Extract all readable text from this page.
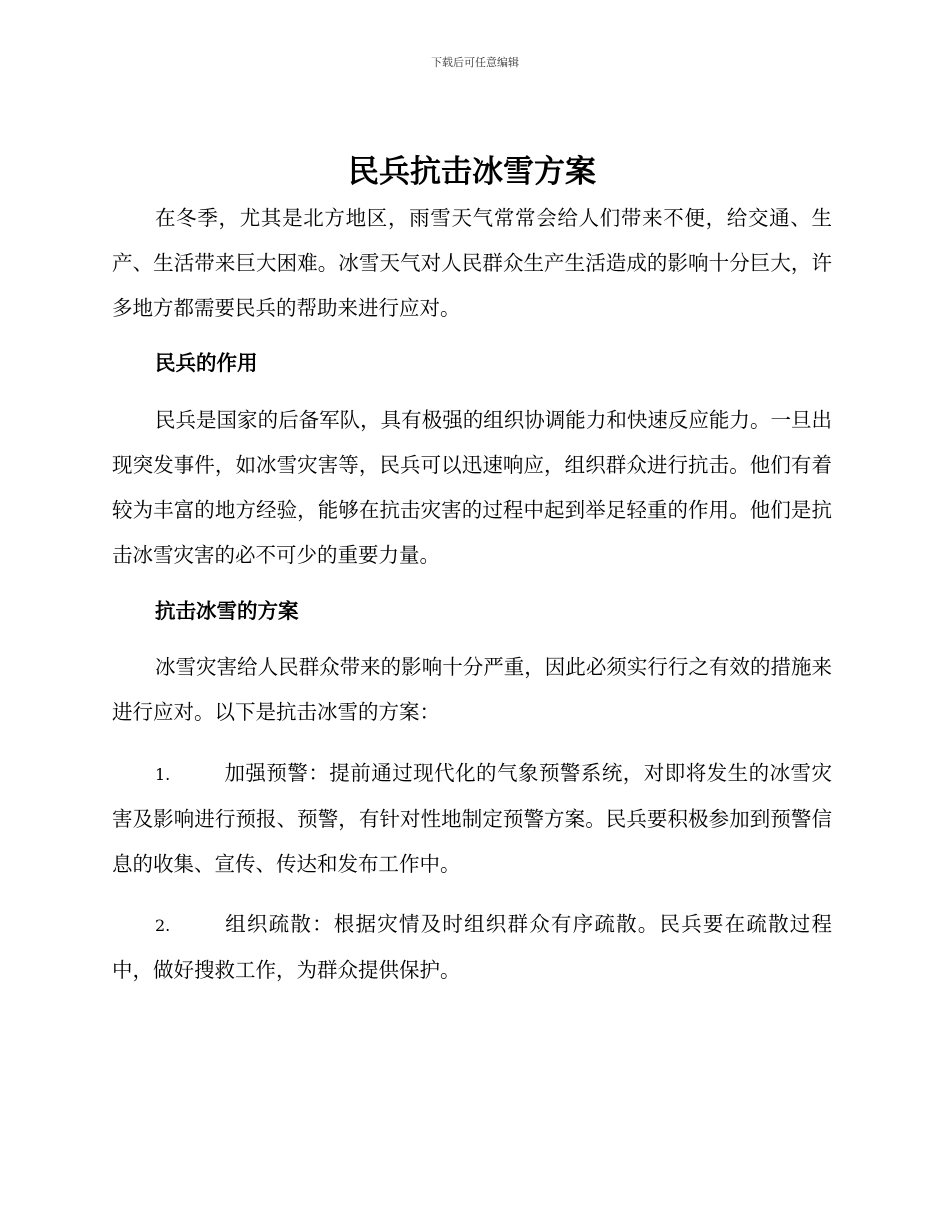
下载后可任意编辑
民兵抗击冰雪方案

在冬季，尤其是北方地区，雨雪天气常常会给人们带来不便，给交通、生产、生活带来巨大困难。冰雪天气对人民群众生产生活造成的影响十分巨大，许多地方都需要民兵的帮助来进行应对。

民兵的作用

民兵是国家的后备军队，具有极强的组织协调能力和快速反应能力。一旦出现突发事件，如冰雪灾害等，民兵可以迅速响应，组织群众进行抗击。他们有着较为丰富的地方经验，能够在抗击灾害的过程中起到举足轻重的作用。他们是抗击冰雪灾害的必不可少的重要力量。

抗击冰雪的方案

冰雪灾害给人民群众带来的影响十分严重，因此必须实行行之有效的措施来进行应对。以下是抗击冰雪的方案：

1.	加强预警：提前通过现代化的气象预警系统，对即将发生的冰雪灾害及影响进行预报、预警，有针对性地制定预警方案。民兵要积极参加到预警信息的收集、宣传、传达和发布工作中。

2.	组织疏散：根据灾情及时组织群众有序疏散。民兵要在疏散过程中，做好搜救工作，为群众提供保护。
